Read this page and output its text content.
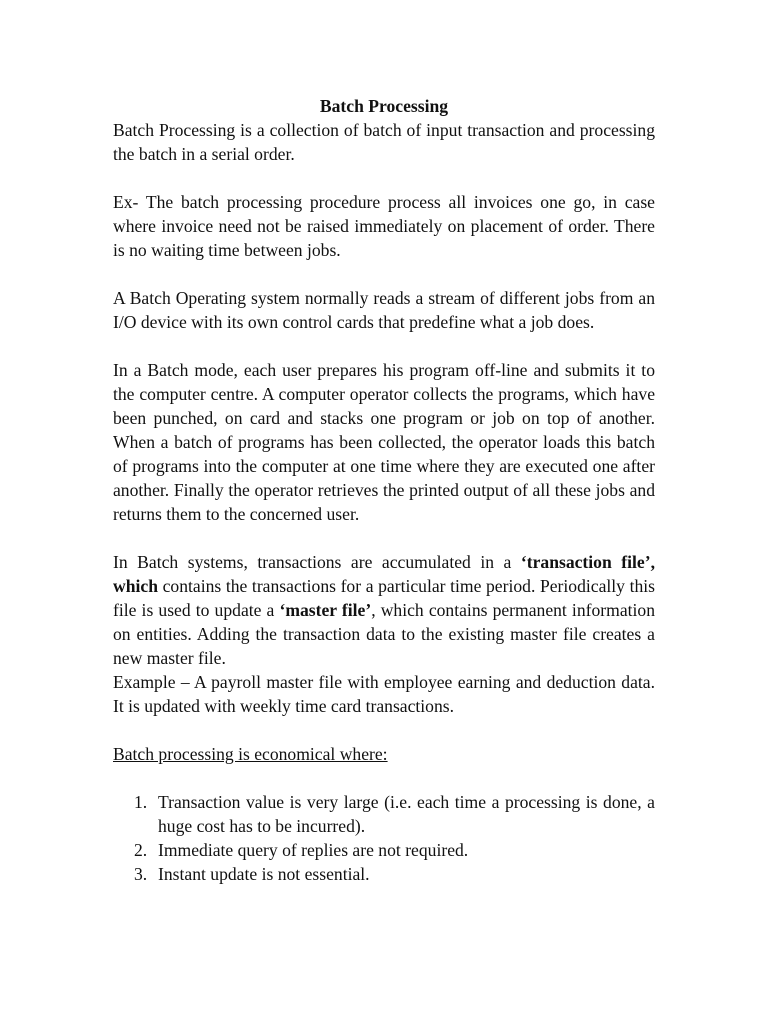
Batch Processing

Batch Processing is a collection of batch of input transaction and processing the batch in a serial order.

Ex- The batch processing procedure process all invoices one go, in case where invoice need not be raised immediately on placement of order. There is no waiting time between jobs.

A Batch Operating system normally reads a stream of different jobs from an I/O device with its own control cards that predefine what a job does.

In a Batch mode, each user prepares his program off-line and submits it to the computer centre. A computer operator collects the programs, which have been punched, on card and stacks one program or job on top of another. When a batch of programs has been collected, the operator loads this batch of programs into the computer at one time where they are executed one after another. Finally the operator retrieves the printed output of all these jobs and returns them to the concerned user.

In Batch systems, transactions are accumulated in a ‘transaction file’, which contains the transactions for a particular time period. Periodically this file is used to update a ‘master file’, which contains permanent information on entities. Adding the transaction data to the existing master file creates a new master file.

Example – A payroll master file with employee earning and deduction data. It is updated with weekly time card transactions.

Batch processing is economical where:

1. Transaction value is very large (i.e. each time a processing is done, a huge cost has to be incurred).
2. Immediate query of replies are not required.
3. Instant update is not essential.
